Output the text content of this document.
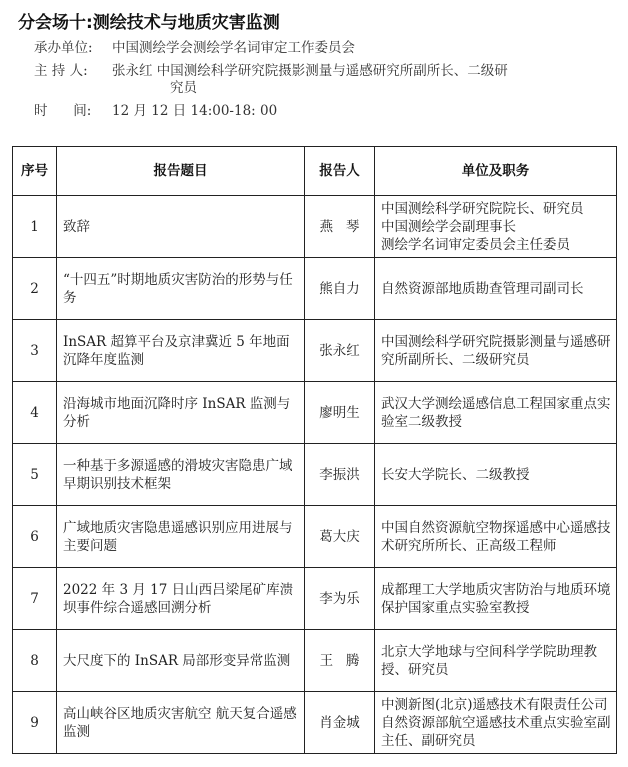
分会场十:测绘技术与地质灾害监测
承办单位: 中国测绘学会测绘学名词审定工作委员会
主 持 人: 张永红 中国测绘科学研究院摄影测量与遥感研究所副所长、二级研
究员
时      间: 12 月 12 日 14:00-18: 00
序号	报告题目	报告人	单位及职务
1	致辞	燕   琴	中国测绘科学研究院院长、研究员
中国测绘学会副理事长
测绘学名词审定委员会主任委员
2	“十四五”时期地质灾害防治的形势与任务	熊自力	自然资源部地质勘查管理司副司长
3	InSAR 超算平台及京津冀近 5 年地面沉降年度监测	张永红	中国测绘科学研究院摄影测量与遥感研究所副所长、二级研究员
4	沿海城市地面沉降时序 InSAR 监测与分析	廖明生	武汉大学测绘遥感信息工程国家重点实验室二级教授
5	一种基于多源遥感的滑坡灾害隐患广域早期识别技术框架	李振洪	长安大学院长、二级教授
6	广域地质灾害隐患遥感识别应用进展与主要问题	葛大庆	中国自然资源航空物探遥感中心遥感技术研究所所长、正高级工程师
7	2022 年 3 月 17 日山西吕梁尾矿库溃坝事件综合遥感回溯分析	李为乐	成都理工大学地质灾害防治与地质环境保护国家重点实验室教授
8	大尺度下的 InSAR 局部形变异常监测	王   腾	北京大学地球与空间科学学院助理教授、研究员
9	高山峡谷区地质灾害航空 航天复合遥感监测	肖金城	中测新图(北京)遥感技术有限责任公司自然资源部航空遥感技术重点实验室副主任、副研究员
